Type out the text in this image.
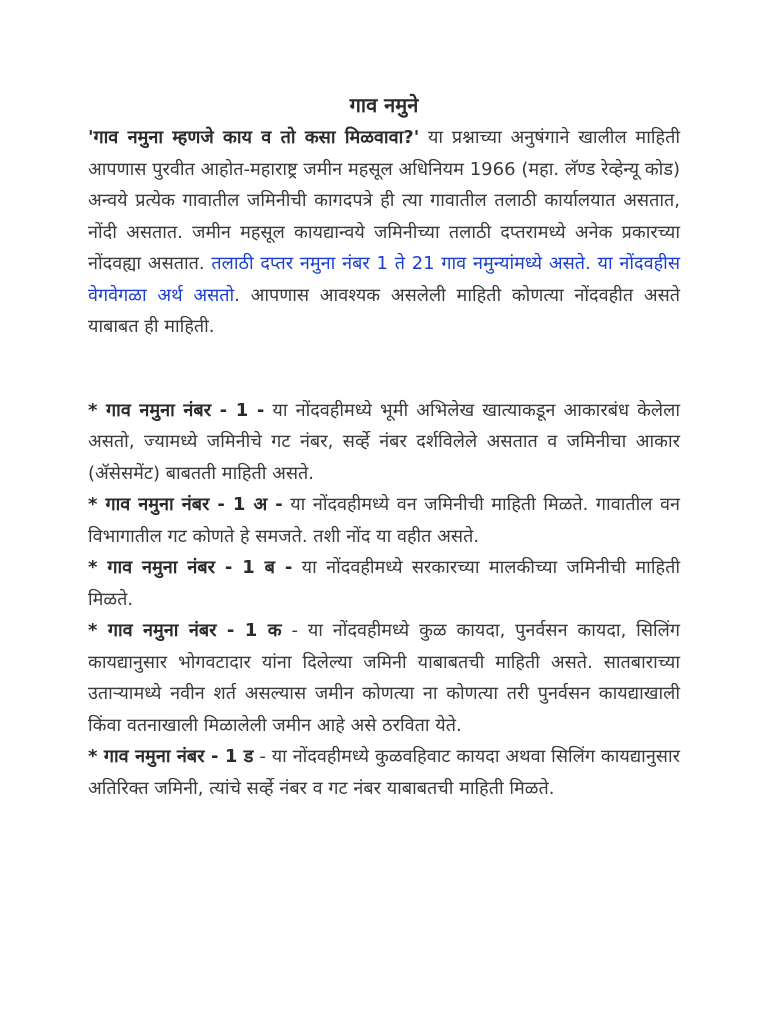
गाव नमुने

'गाव नमुना म्हणजे काय व तो कसा मिळवावा?' या प्रश्नाच्या अनुषंगाने खालील माहिती आपणास पुरवीत आहोत-महाराष्ट्र जमीन महसूल अधिनियम 1966 (महा. लॅण्ड रेव्हेन्यू कोड) अन्वये प्रत्येक गावातील जमिनीची कागदपत्रे ही त्या गावातील तलाठी कार्यालयात असतात, नोंदी असतात. जमीन महसूल कायद्यान्वये जमिनीच्या तलाठी दप्तरामध्ये अनेक प्रकारच्या नोंदवह्या असतात. तलाठी दप्तर नमुना नंबर 1 ते 21 गाव नमुन्यांमध्ये असते. या नोंदवहीस वेगवेगळा अर्थ असतो. आपणास आवश्यक असलेली माहिती कोणत्या नोंदवहीत असते याबाबत ही माहिती.

* गाव नमुना नंबर - 1 - या नोंदवहीमध्ये भूमी अभिलेख खात्याकडून आकारबंध केलेला असतो, ज्यामध्ये जमिनीचे गट नंबर, सर्व्हे नंबर दर्शविलेले असतात व जमिनीचा आकार (ॲसेसमेंट) बाबतती माहिती असते.

* गाव नमुना नंबर - 1 अ - या नोंदवहीमध्ये वन जमिनीची माहिती मिळते. गावातील वन विभागातील गट कोणते हे समजते. तशी नोंद या वहीत असते.

* गाव नमुना नंबर - 1 ब - या नोंदवहीमध्ये सरकारच्या मालकीच्या जमिनीची माहिती मिळते.

* गाव नमुना नंबर - 1 क - या नोंदवहीमध्ये कुळ कायदा, पुनर्वसन कायदा, सिलिंग कायद्यानुसार भोगवटादार यांना दिलेल्या जमिनी याबाबतची माहिती असते. सातबाराच्या उताऱ्यामध्ये नवीन शर्त असल्यास जमीन कोणत्या ना कोणत्या तरी पुनर्वसन कायद्याखाली किंवा वतनाखाली मिळालेली जमीन आहे असे ठरविता येते.

* गाव नमुना नंबर - 1 ड - या नोंदवहीमध्ये कुळवहिवाट कायदा अथवा सिलिंग कायद्यानुसार अतिरिक्त जमिनी, त्यांचे सर्व्हे नंबर व गट नंबर याबाबतची माहिती मिळते.
